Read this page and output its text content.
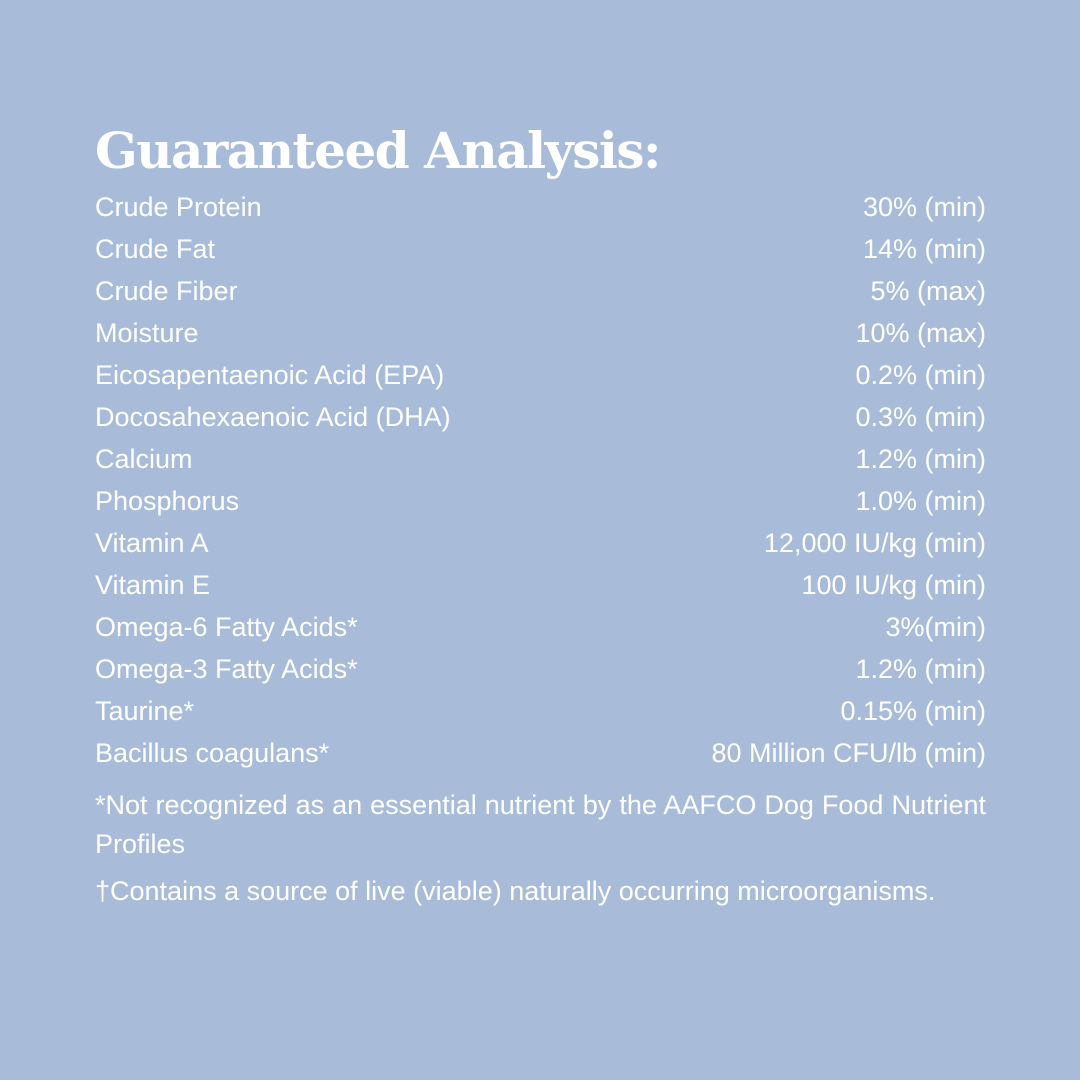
Guaranteed Analysis:
Crude Protein	30% (min)
Crude Fat	14% (min)
Crude Fiber	5% (max)
Moisture	10% (max)
Eicosapentaenoic Acid (EPA)	0.2% (min)
Docosahexaenoic Acid (DHA)	0.3% (min)
Calcium	1.2% (min)
Phosphorus	1.0% (min)
Vitamin A	12,000 IU/kg (min)
Vitamin E	100 IU/kg (min)
Omega-6 Fatty Acids*	3%(min)
Omega-3 Fatty Acids*	1.2% (min)
Taurine*	0.15% (min)
Bacillus coagulans*	80 Million CFU/lb (min)

*Not recognized as an essential nutrient by the AAFCO Dog Food Nutrient Profiles

†Contains a source of live (viable) naturally occurring microorganisms.
